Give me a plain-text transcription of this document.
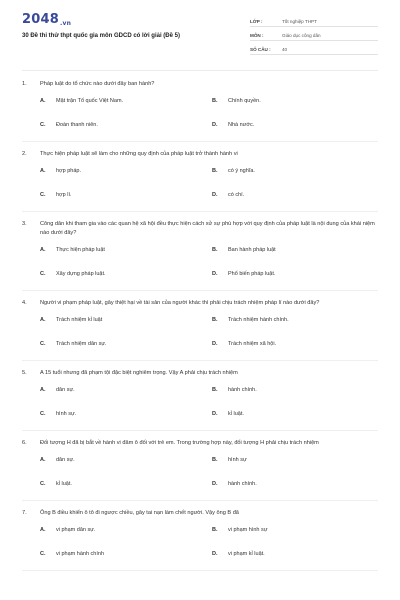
2048.vn
30 Đề thi thử thpt quốc gia môn GDCD có lời giải (Đề 5)
LỚP :	Tốt nghiệp THPT
MÔN :	Giáo dục công dân
SỐ CÂU :	40
1.	Pháp luật do tổ chức nào dưới đây ban hành?
A.	Mặt trận Tổ quốc Việt Nam.	B.	Chính quyền.
C.	Đoàn thanh niên.	D.	Nhà nước.
2.	Thực hiện pháp luật sẽ làm cho những quy định của pháp luật trở thành hành vi
A.	hợp pháp.	B.	có ý nghĩa.
C.	hợp lí.	D.	có chí.
3.	Công dân khi tham gia vào các quan hệ xã hội đều thực hiện cách xử sự phù hợp với quy định của pháp luật là nội dung của khái niệm nào dưới đây?
A.	Thực hiện pháp luật	B.	Ban hành pháp luật
C.	Xây dựng pháp luật.	D.	Phổ biến pháp luật.
4.	Người vi phạm pháp luật, gây thiệt hại về tài sản của người khác thì phải chịu trách nhiệm pháp lí nào dưới đây?
A.	Trách nhiệm kỉ luật	B.	Trách nhiệm hành chính.
C.	Trách nhiệm dân sự.	D.	Trách nhiệm xã hội.
5.	A 15 tuổi nhưng đã phạm tội đặc biệt nghiêm trọng. Vậy A phải chịu trách nhiệm
A.	dân sự.	B.	hành chính.
C.	hình sự.	D.	kỉ luật.
6.	Đối tượng H đã bị bắt về hành vi đâm ô đối với trẻ em. Trong trường hợp này, đối tượng H phải chịu trách nhiệm
A.	dân sự.	B.	hình sự
C.	kỉ luật.	D.	hành chính.
7.	Ông B điều khiển ô tô đi ngược chiều, gây tai nạn làm chết người. Vậy ông B đã
A.	vi phạm dân sự.	B.	vi phạm hình sự
C.	vi phạm hành chính	D.	vi phạm kỉ luật.
